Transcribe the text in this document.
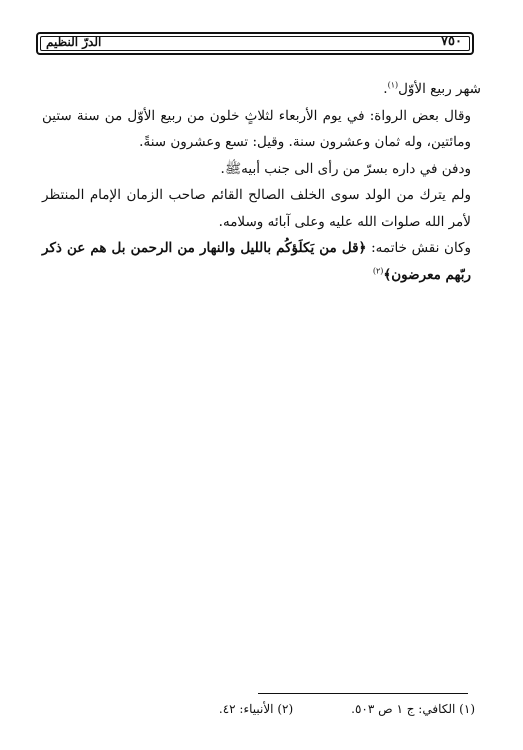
الدرّ النظيم	٧٥٠

شهر ربيع الأوّل$^{(١)}$.

وقال بعض الرواة: في يوم الأربعاء لثلاثٍ خلون من ربيع الأوّل من سنة ستين ومائتين، وله ثمان وعشرون سنة. وقيل: تسع وعشرون سنةً.

ودفن في داره بسرّ من رأى الى جنب أبيهﷺ.

ولم يترك من الولد سوى الخلف الصالح القائم صاحب الزمان الإمام المنتظر لأمر الله صلوات الله عليه وعلى آبائه وسلامه.

وكان نقش خاتمه: ﴿قل من يَكلَؤكُم بالليل والنهار من الرحمن بل هم عن ذكر ربّهم معرضون﴾$^{(٢)}$

(١) الكافي: ج ١ ص ٥٠٣.
(٢) الأنبياء: ٤٢.
